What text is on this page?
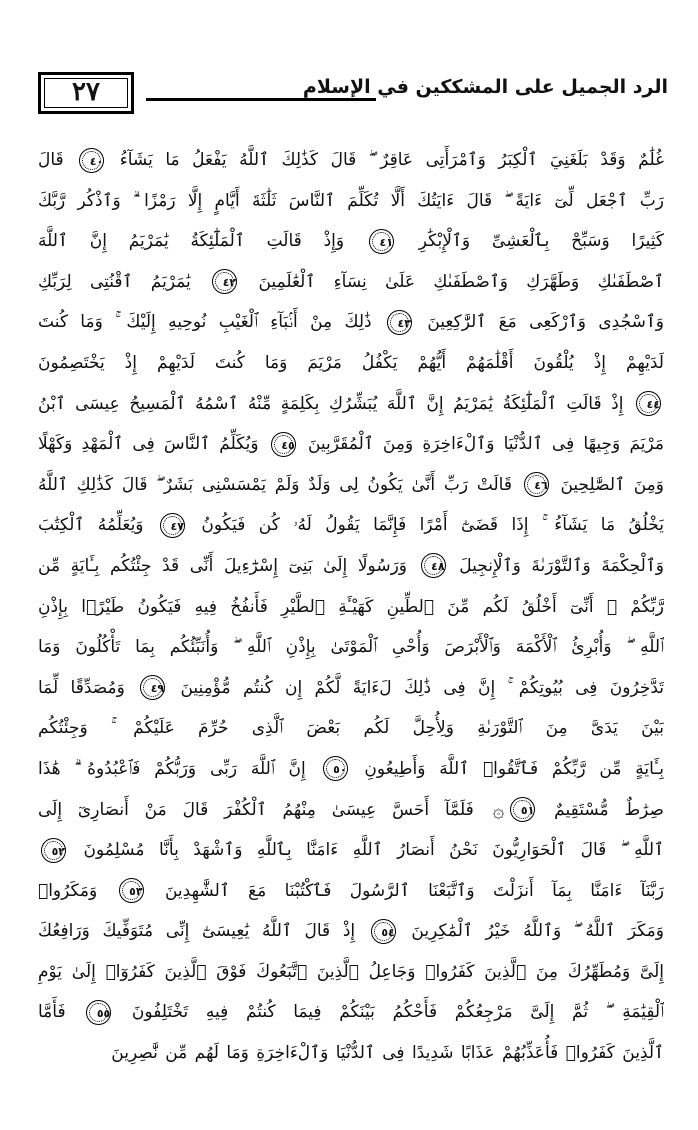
٢٧	الرد الجميل على المشككين في الإسلام
غُلَٰمٌ وَقَدْ بَلَغَنِيَ ٱلْكِبَرُ وَٱمْرَأَتِى عَاقِرٌ ۖ قَالَ كَذَٰلِكَ ٱللَّهُ يَفْعَلُ مَا يَشَآءُ ٤٠ قَالَ
رَبِّ ٱجْعَل لِّىٓ ءَايَةً ۖ قَالَ ءَايَتُكَ أَلَّا تُكَلِّمَ ٱلنَّاسَ ثَلَٰثَةَ أَيَّامٍ إِلَّا رَمْزًا ۗ وَٱذْكُر رَّبَّكَ
كَثِيرًا وَسَبِّحْ بِٱلْعَشِىِّ وَٱلْإِبْكَٰرِ ٤١ وَإِذْ قَالَتِ ٱلْمَلَٰٓئِكَةُ يَٰمَرْيَمُ إِنَّ ٱللَّهَ
ٱصْطَفَىٰكِ وَطَهَّرَكِ وَٱصْطَفَىٰكِ عَلَىٰ نِسَآءِ ٱلْعَٰلَمِينَ ٤٢ يَٰمَرْيَمُ ٱقْنُتِى لِرَبِّكِ
وَٱسْجُدِى وَٱرْكَعِى مَعَ ٱلرَّٰكِعِينَ ٤٣ ذَٰلِكَ مِنْ أَنۢبَآءِ ٱلْغَيْبِ نُوحِيهِ إِلَيْكَ ۚ وَمَا كُنتَ
لَدَيْهِمْ إِذْ يُلْقُونَ أَقْلَٰمَهُمْ أَيُّهُمْ يَكْفُلُ مَرْيَمَ وَمَا كُنتَ لَدَيْهِمْ إِذْ يَخْتَصِمُونَ
٤٤ إِذْ قَالَتِ ٱلْمَلَٰٓئِكَةُ يَٰمَرْيَمُ إِنَّ ٱللَّهَ يُبَشِّرُكِ بِكَلِمَةٍ مِّنْهُ ٱسْمُهُ ٱلْمَسِيحُ عِيسَى ٱبْنُ
مَرْيَمَ وَجِيهًا فِى ٱلدُّنْيَا وَٱلْءَاخِرَةِ وَمِنَ ٱلْمُقَرَّبِينَ ٤٥ وَيُكَلِّمُ ٱلنَّاسَ فِى ٱلْمَهْدِ وَكَهْلًا
وَمِنَ ٱلصَّٰلِحِينَ ٤٦ قَالَتْ رَبِّ أَنَّىٰ يَكُونُ لِى وَلَدٌ وَلَمْ يَمْسَسْنِى بَشَرٌ ۖ قَالَ كَذَٰلِكِ ٱللَّهُ
يَخْلُقُ مَا يَشَآءُ ۚ إِذَا قَضَىٰٓ أَمْرًا فَإِنَّمَا يَقُولُ لَهُۥ كُن فَيَكُونُ ٤٧ وَيُعَلِّمُهُ ٱلْكِتَٰبَ
وَٱلْحِكْمَةَ وَٱلتَّوْرَىٰةَ وَٱلْإِنجِيلَ ٤٨ وَرَسُولًا إِلَىٰ بَنِىٓ إِسْرَٰٓءِيلَ أَنِّى قَدْ جِئْتُكُم بِـَٔايَةٍ مِّن
رَّبِّكُمْ ۖ أَنِّىٓ أَخْلُقُ لَكُم مِّنَ ٱلطِّينِ كَهَيْـَٔةِ ٱلطَّيْرِ فَأَنفُخُ فِيهِ فَيَكُونُ طَيْرًۢا بِإِذْنِ
ٱللَّهِ ۖ وَأُبْرِئُ ٱلْأَكْمَهَ وَٱلْأَبْرَصَ وَأُحْىِ ٱلْمَوْتَىٰ بِإِذْنِ ٱللَّهِ ۖ وَأُنَبِّئُكُم بِمَا تَأْكُلُونَ وَمَا
تَدَّخِرُونَ فِى بُيُوتِكُمْ ۚ إِنَّ فِى ذَٰلِكَ لَءَايَةً لَّكُمْ إِن كُنتُم مُّؤْمِنِينَ ٤٩ وَمُصَدِّقًا لِّمَا
بَيْنَ يَدَىَّ مِنَ ٱلتَّوْرَىٰةِ وَلِأُحِلَّ لَكُم بَعْضَ ٱلَّذِى حُرِّمَ عَلَيْكُمْ ۚ وَجِئْتُكُم
بِـَٔايَةٍ مِّن رَّبِّكُمْ فَٱتَّقُوا۟ ٱللَّهَ وَأَطِيعُونِ ٥٠ إِنَّ ٱللَّهَ رَبِّى وَرَبُّكُمْ فَٱعْبُدُوهُ ۗ هَٰذَا
صِرَٰطٌ مُّسْتَقِيمٌ ٥١۞ فَلَمَّآ أَحَسَّ عِيسَىٰ مِنْهُمُ ٱلْكُفْرَ قَالَ مَنْ أَنصَارِىٓ إِلَى
ٱللَّهِ ۖ قَالَ ٱلْحَوَارِيُّونَ نَحْنُ أَنصَارُ ٱللَّهِ ءَامَنَّا بِٱللَّهِ وَٱشْهَدْ بِأَنَّا مُسْلِمُونَ ٥٢
رَبَّنَآ ءَامَنَّا بِمَآ أَنزَلْتَ وَٱتَّبَعْنَا ٱلرَّسُولَ فَٱكْتُبْنَا مَعَ ٱلشَّٰهِدِينَ ٥٣ وَمَكَرُوا۟
وَمَكَرَ ٱللَّهُ ۖ وَٱللَّهُ خَيْرُ ٱلْمَٰكِرِينَ ٥٤ إِذْ قَالَ ٱللَّهُ يَٰعِيسَىٰٓ إِنِّى مُتَوَفِّيكَ وَرَافِعُكَ
إِلَىَّ وَمُطَهِّرُكَ مِنَ ٱلَّذِينَ كَفَرُوا۟ وَجَاعِلُ ٱلَّذِينَ ٱتَّبَعُوكَ فَوْقَ ٱلَّذِينَ كَفَرُوٓا۟ إِلَىٰ يَوْمِ
ٱلْقِيَٰمَةِ ۖ ثُمَّ إِلَىَّ مَرْجِعُكُمْ فَأَحْكُمُ بَيْنَكُمْ فِيمَا كُنتُمْ فِيهِ تَخْتَلِفُونَ ٥٥ فَأَمَّا
ٱلَّذِينَ كَفَرُوا۟ فَأُعَذِّبُهُمْ عَذَابًا شَدِيدًا فِى ٱلدُّنْيَا وَٱلْءَاخِرَةِ وَمَا لَهُم مِّن نَّٰصِرِينَ
